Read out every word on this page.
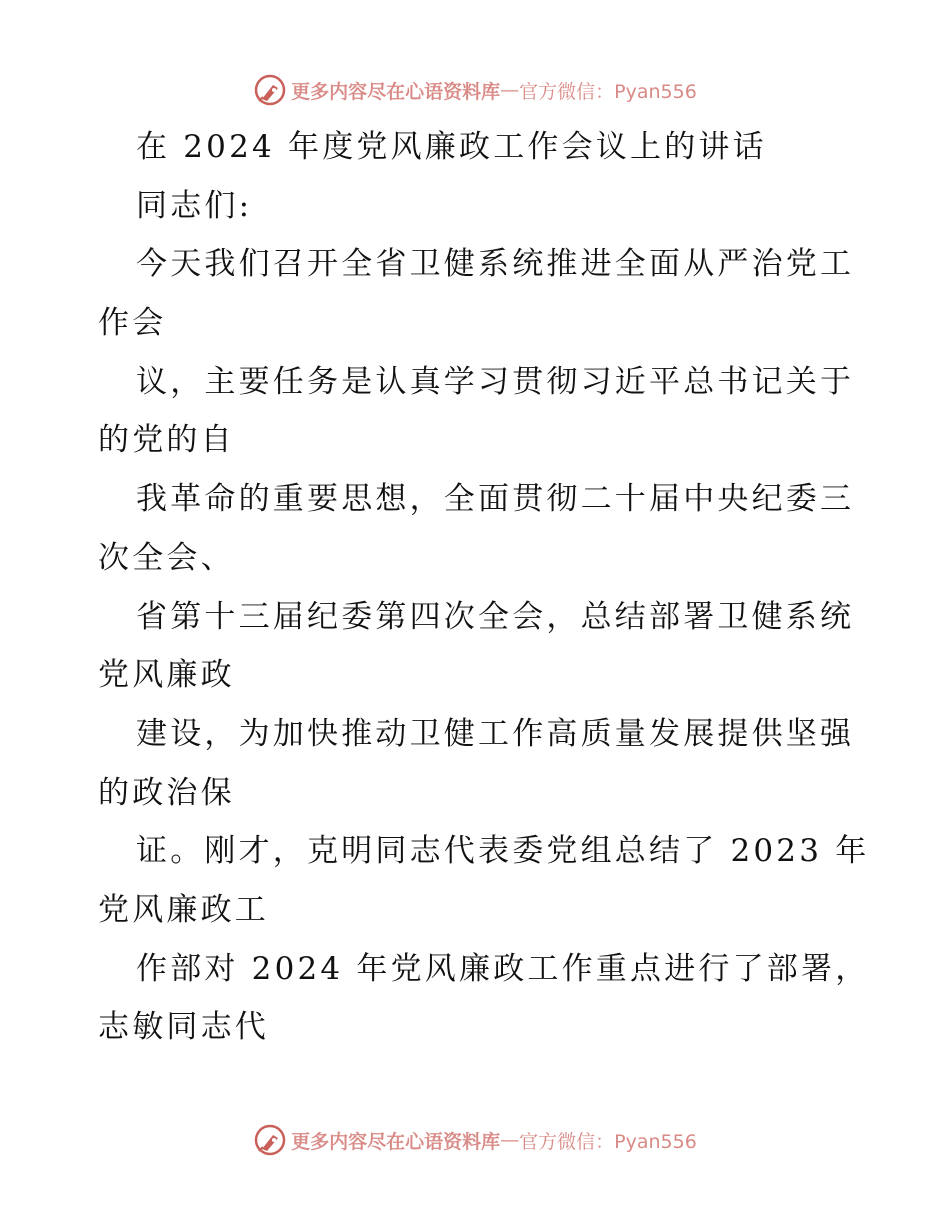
更多内容尽在心语资料库 — 官方微信：Pyan556
在 2024 年度党风廉政工作会议上的讲话
同志们:
今天我们召开全省卫健系统推进全面从严治党工
作会
议，主要任务是认真学习贯彻习近平总书记关于
的党的自
我革命的重要思想，全面贯彻二十届中央纪委三
次全会、
省第十三届纪委第四次全会，总结部署卫健系统
党风廉政
建设，为加快推动卫健工作高质量发展提供坚强
的政治保
证。刚才，克明同志代表委党组总结了 2023 年
党风廉政工
作部对 2024 年党风廉政工作重点进行了部署，
志敏同志代
更多内容尽在心语资料库 — 官方微信：Pyan556
